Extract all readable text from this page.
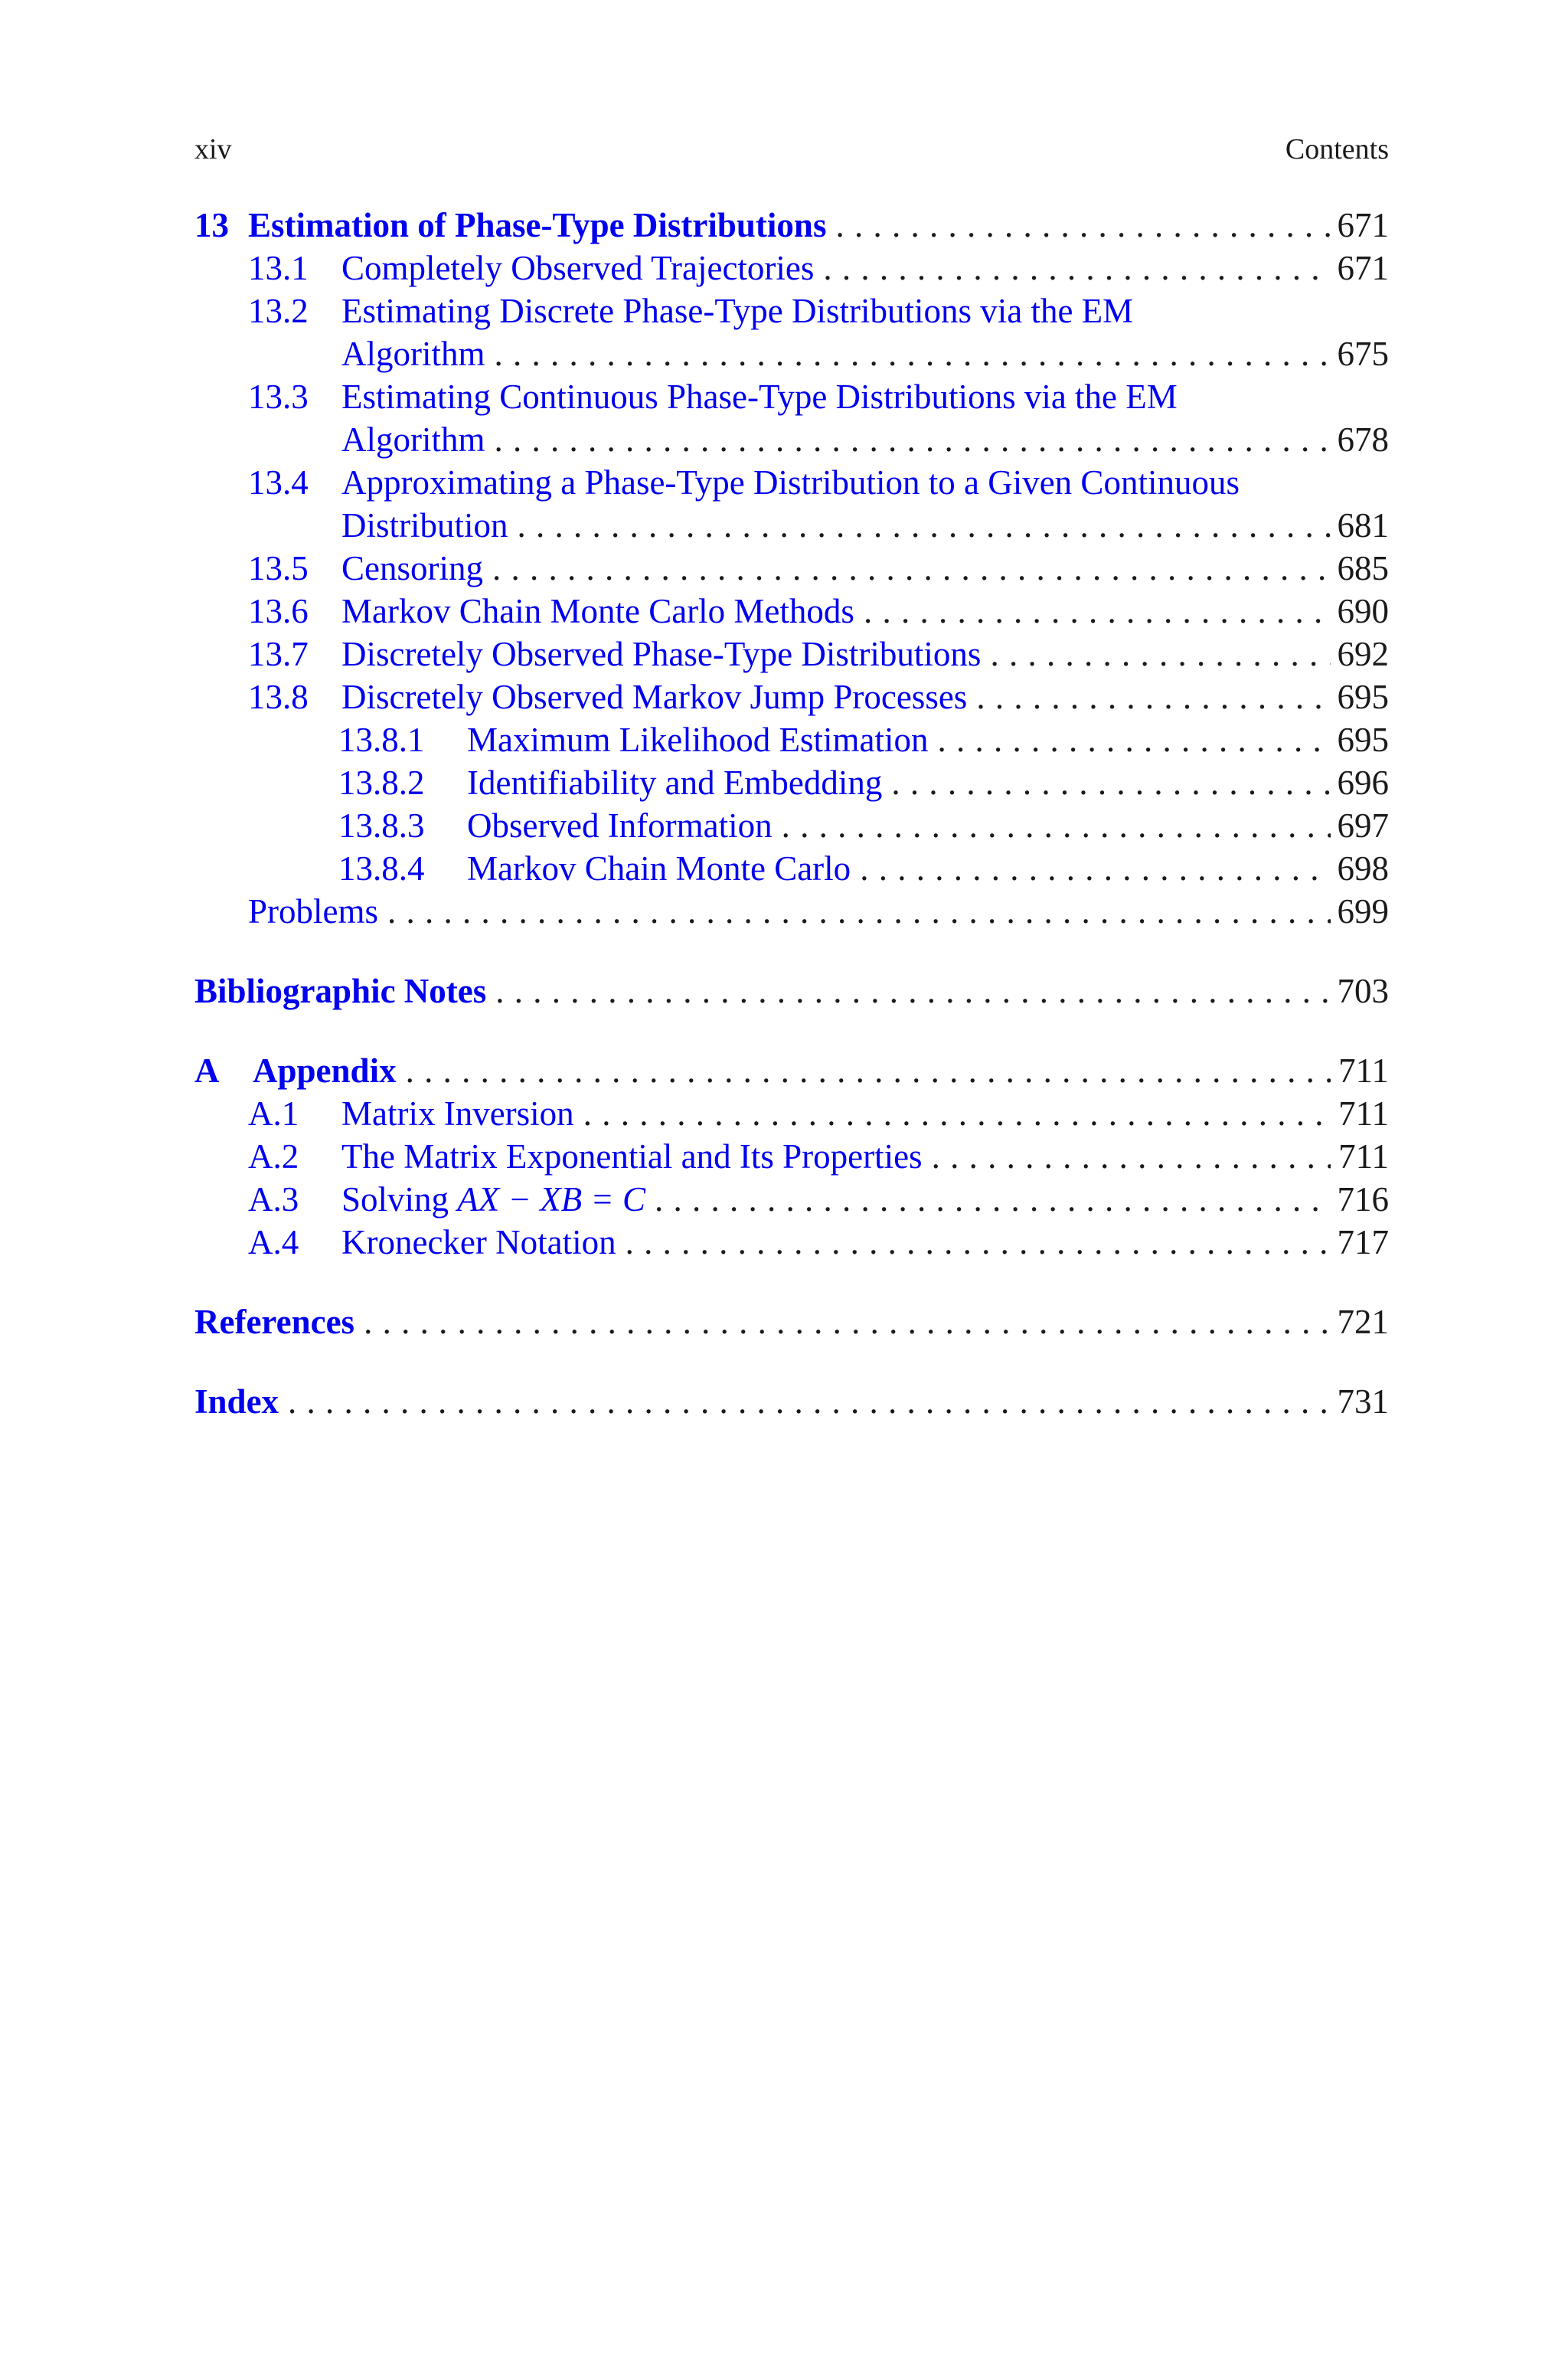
xiv	Contents
13 Estimation of Phase-Type Distributions . . .	671
13.1 Completely Observed Trajectories . . .	671
13.2 Estimating Discrete Phase-Type Distributions via the EM
Algorithm . . .	675
13.3 Estimating Continuous Phase-Type Distributions via the EM
Algorithm . . .	678
13.4 Approximating a Phase-Type Distribution to a Given Continuous
Distribution . . .	681
13.5 Censoring . . .	685
13.6 Markov Chain Monte Carlo Methods . . .	690
13.7 Discretely Observed Phase-Type Distributions . . .	692
13.8 Discretely Observed Markov Jump Processes . . .	695
13.8.1 Maximum Likelihood Estimation . . .	695
13.8.2 Identifiability and Embedding . . .	696
13.8.3 Observed Information . . .	697
13.8.4 Markov Chain Monte Carlo . . .	698
Problems . . .	699
Bibliographic Notes . . .	703
A Appendix . . .	711
A.1 Matrix Inversion . . .	711
A.2 The Matrix Exponential and Its Properties . . .	711
A.3 Solving AX − XB = C . . .	716
A.4 Kronecker Notation . . .	717
References . . .	721
Index . . .	731
